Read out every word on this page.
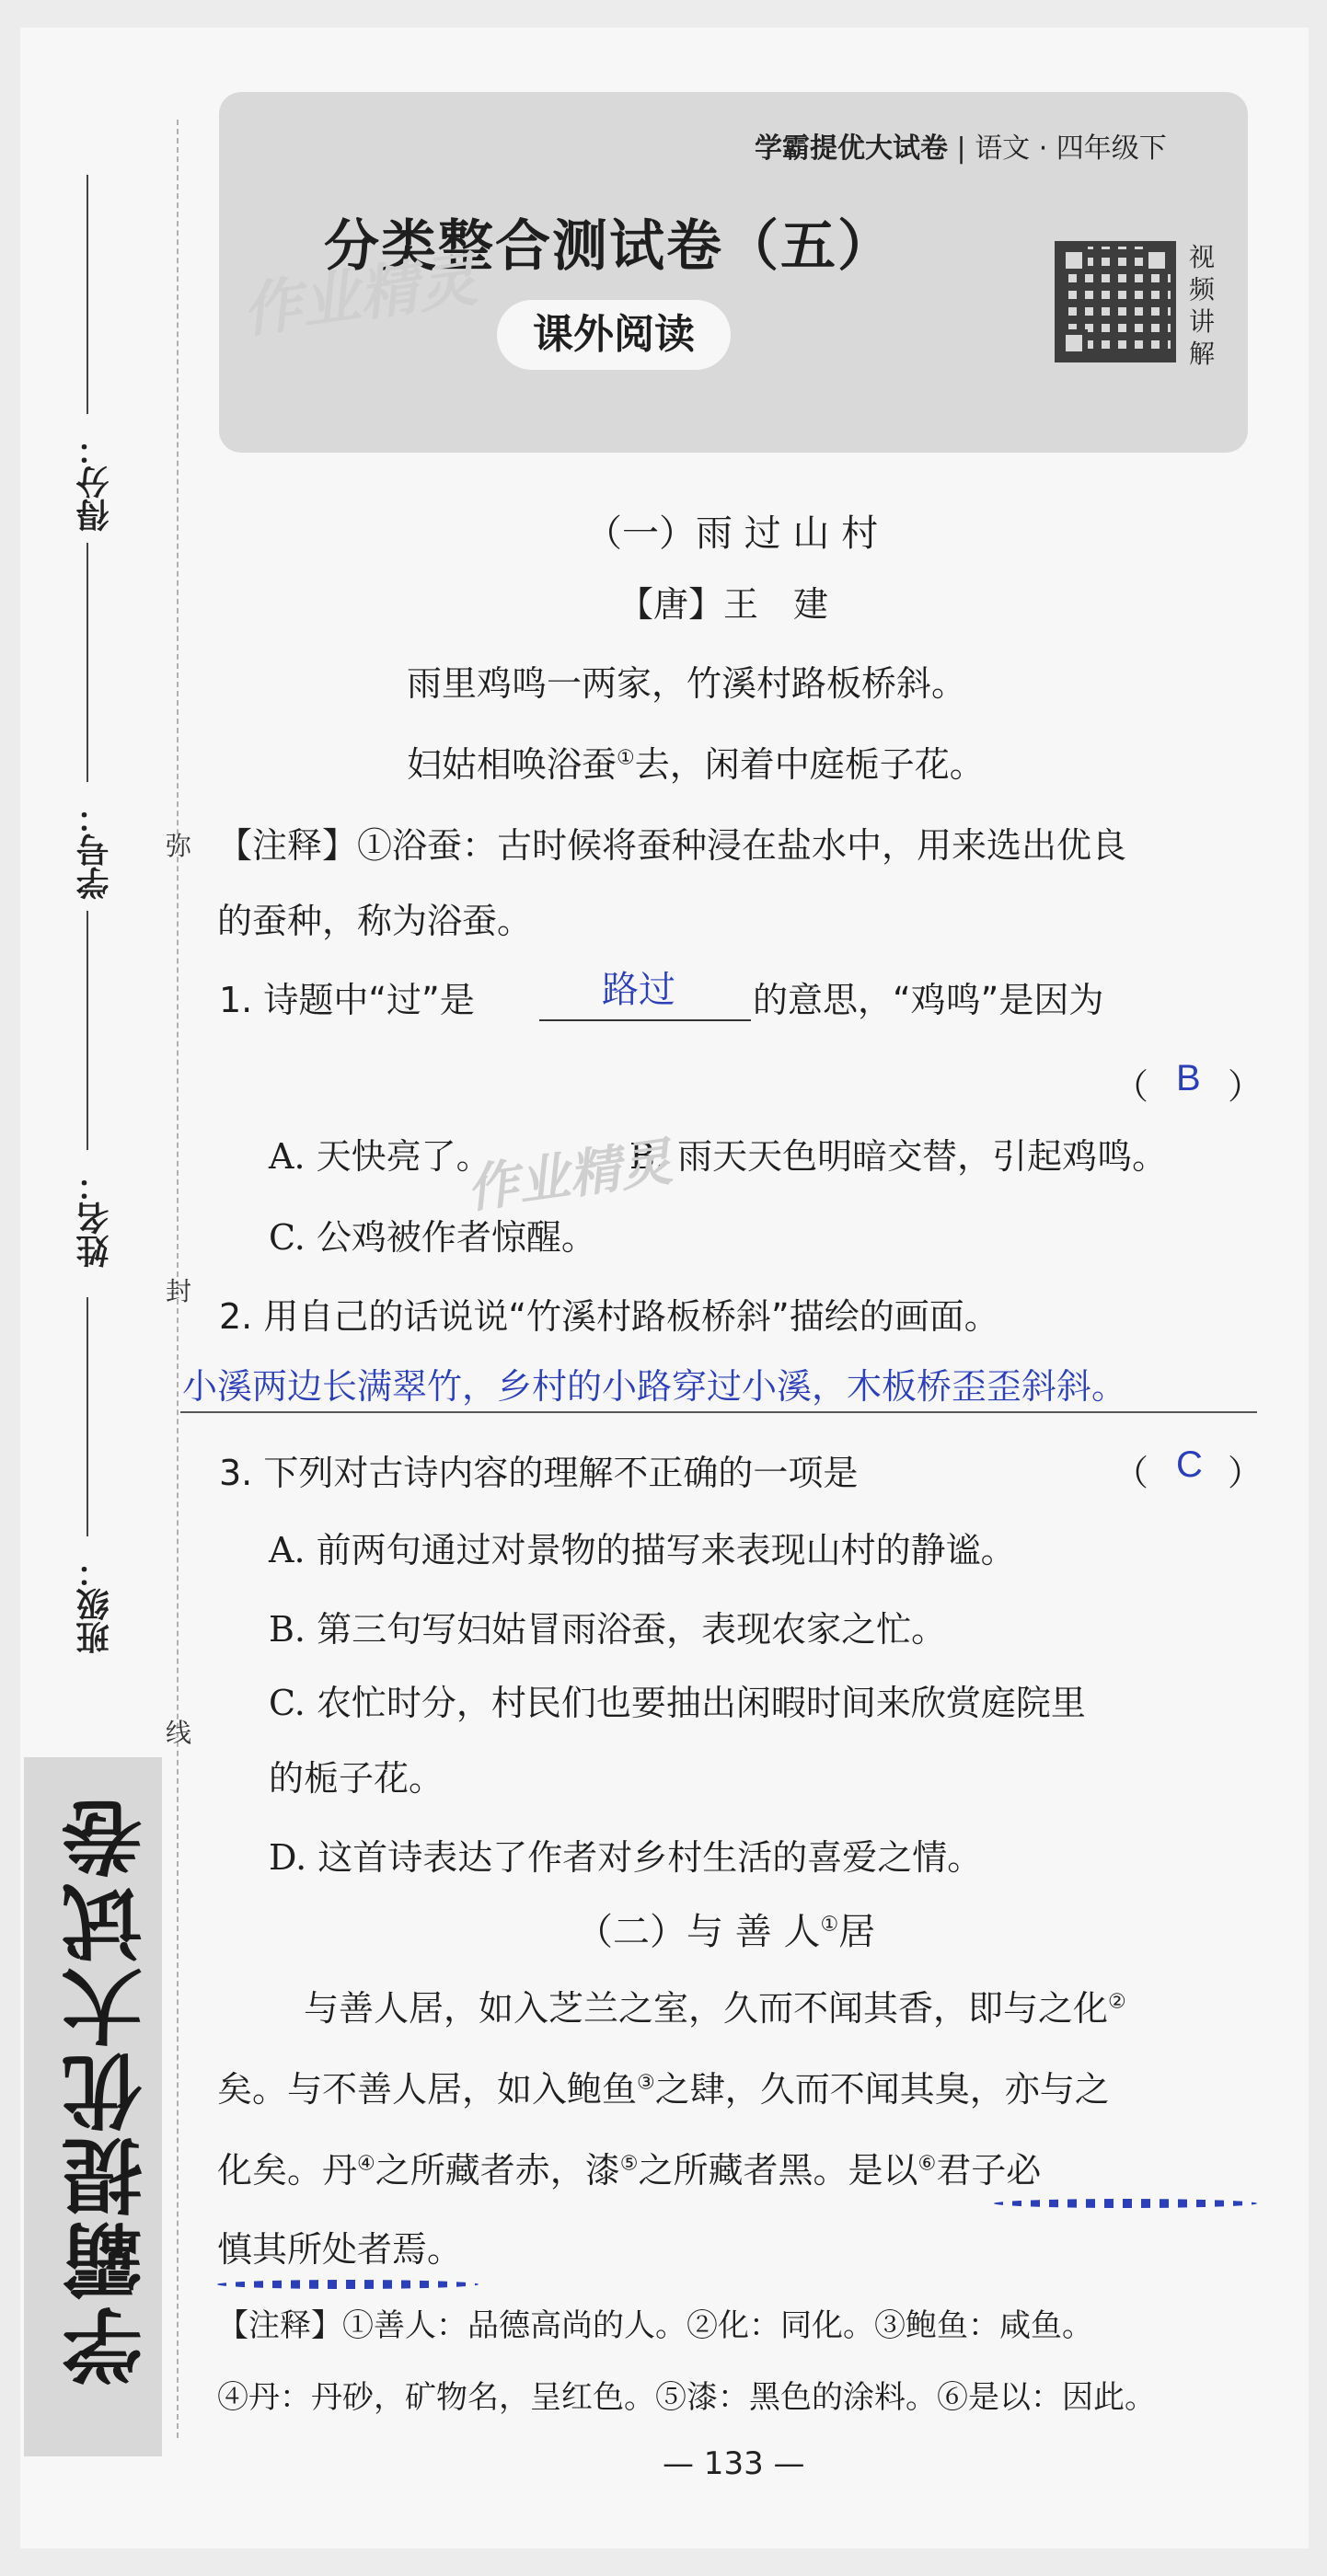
得分：
学号：
姓名：
班级：
学霸提优大试卷
弥
封
线
学霸提优大试卷 | 语文 · 四年级下
分类整合测试卷（五）
课外阅读
作业精灵	视频讲解
（一）雨 过 山 村
【唐】王　建
雨里鸡鸣一两家，竹溪村路板桥斜。
妇姑相唤浴蚕①去，闲着中庭栀子花。
【注释】①浴蚕：古时候将蚕种浸在盐水中，用来选出优良
的蚕种，称为浴蚕。
1. 诗题中“过”是	路过 的意思，“鸡鸣”是因为
（ B ）
A. 天快亮了。	B. 雨天天色明暗交替，引起鸡鸣。
作业精灵
C. 公鸡被作者惊醒。
2. 用自己的话说说“竹溪村路板桥斜”描绘的画面。
小溪两边长满翠竹，乡村的小路穿过小溪，木板桥歪歪斜斜。
3. 下列对古诗内容的理解不正确的一项是	（ C ）
A. 前两句通过对景物的描写来表现山村的静谧。
B. 第三句写妇姑冒雨浴蚕，表现农家之忙。
C. 农忙时分，村民们也要抽出闲暇时间来欣赏庭院里
的栀子花。
D. 这首诗表达了作者对乡村生活的喜爱之情。
（二）与 善 人①居
与善人居，如入芝兰之室，久而不闻其香，即与之化②
矣。与不善人居，如入鲍鱼③之肆，久而不闻其臭，亦与之
化矣。丹④之所藏者赤，漆⑤之所藏者黑。是以⑥君子必
慎其所处者焉。
【注释】①善人：品德高尚的人。②化：同化。③鲍鱼：咸鱼。
④丹：丹砂，矿物名，呈红色。⑤漆：黑色的涂料。⑥是以：因此。
— 133 —
